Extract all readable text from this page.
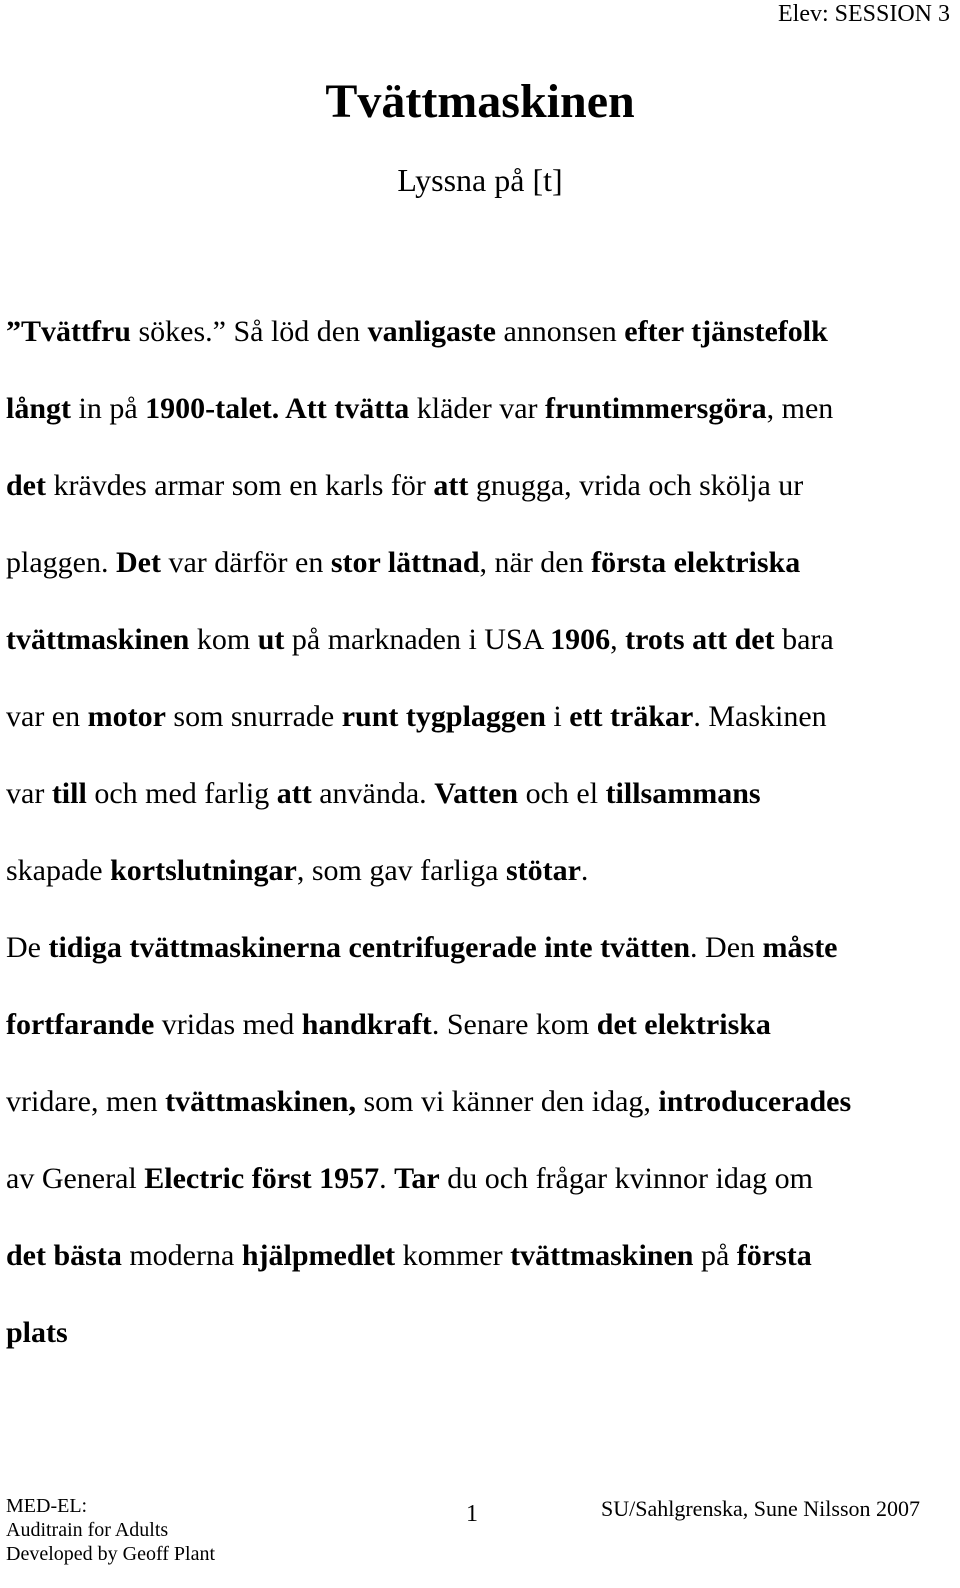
Elev: SESSION 3
Tvättmaskinen
Lyssna på [t]
”Tvättfru sökes.” Så löd den vanligaste annonsen efter tjänstefolk
långt in på 1900-talet. Att tvätta kläder var fruntimmersgöra, men
det krävdes armar som en karls för att gnugga, vrida och skölja ur
plaggen. Det var därför en stor lättnad, när den första elektriska
tvättmaskinen kom ut på marknaden i USA 1906, trots att det bara
var en motor som snurrade runt tygplaggen i ett träkar. Maskinen
var till och med farlig att använda. Vatten och el tillsammans
skapade kortslutningar, som gav farliga stötar.
De tidiga tvättmaskinerna centrifugerade inte tvätten. Den måste
fortfarande vridas med handkraft. Senare kom det elektriska
vridare, men tvättmaskinen, som vi känner den idag, introducerades
av General Electric först 1957. Tar du och frågar kvinnor idag om
det bästa moderna hjälpmedlet kommer tvättmaskinen på första
plats
MED-EL:
Auditrain for Adults
Developed by Geoff Plant
1	SU/Sahlgrenska, Sune Nilsson 2007
